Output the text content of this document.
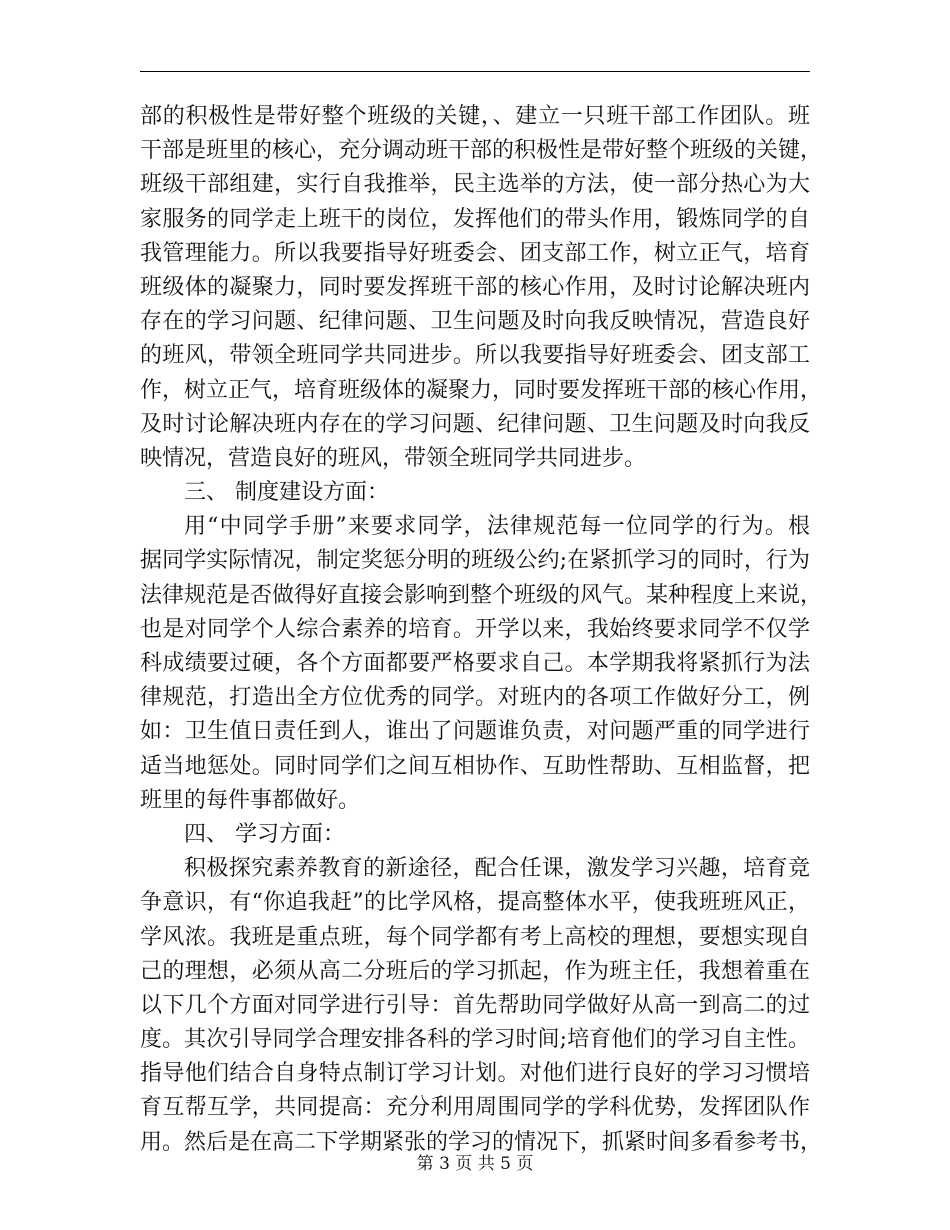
部的积极性是带好整个班级的关键，、建立一只班干部工作团队。班
干部是班里的核心，充分调动班干部的积极性是带好整个班级的关键，
班级干部组建，实行自我推举，民主选举的方法，使一部分热心为大
家服务的同学走上班干的岗位，发挥他们的带头作用，锻炼同学的自
我管理能力。所以我要指导好班委会、团支部工作，树立正气，培育
班级体的凝聚力，同时要发挥班干部的核心作用，及时讨论解决班内
存在的学习问题、纪律问题、卫生问题及时向我反映情况，营造良好
的班风，带领全班同学共同进步。所以我要指导好班委会、团支部工
作，树立正气，培育班级体的凝聚力，同时要发挥班干部的核心作用，
及时讨论解决班内存在的学习问题、纪律问题、卫生问题及时向我反
映情况，营造良好的班风，带领全班同学共同进步。
三、 制度建设方面：
用“中同学手册”来要求同学，法律规范每一位同学的行为。根
据同学实际情况，制定奖惩分明的班级公约;在紧抓学习的同时，行为
法律规范是否做得好直接会影响到整个班级的风气。某种程度上来说，
也是对同学个人综合素养的培育。开学以来，我始终要求同学不仅学
科成绩要过硬，各个方面都要严格要求自己。本学期我将紧抓行为法
律规范，打造出全方位优秀的同学。对班内的各项工作做好分工，例
如：卫生值日责任到人，谁出了问题谁负责，对问题严重的同学进行
适当地惩处。同时同学们之间互相协作、互助性帮助、互相监督，把
班里的每件事都做好。
四、 学习方面：
积极探究素养教育的新途径，配合任课，激发学习兴趣，培育竞
争意识，有“你追我赶”的比学风格，提高整体水平，使我班班风正，
学风浓。我班是重点班，每个同学都有考上高校的理想，要想实现自
己的理想，必须从高二分班后的学习抓起，作为班主任，我想着重在
以下几个方面对同学进行引导：首先帮助同学做好从高一到高二的过
度。其次引导同学合理安排各科的学习时间;培育他们的学习自主性。
指导他们结合自身特点制订学习计划。对他们进行良好的学习习惯培
育互帮互学，共同提高：充分利用周围同学的学科优势，发挥团队作
用。然后是在高二下学期紧张的学习的情况下，抓紧时间多看参考书，
第 3 页 共 5 页
